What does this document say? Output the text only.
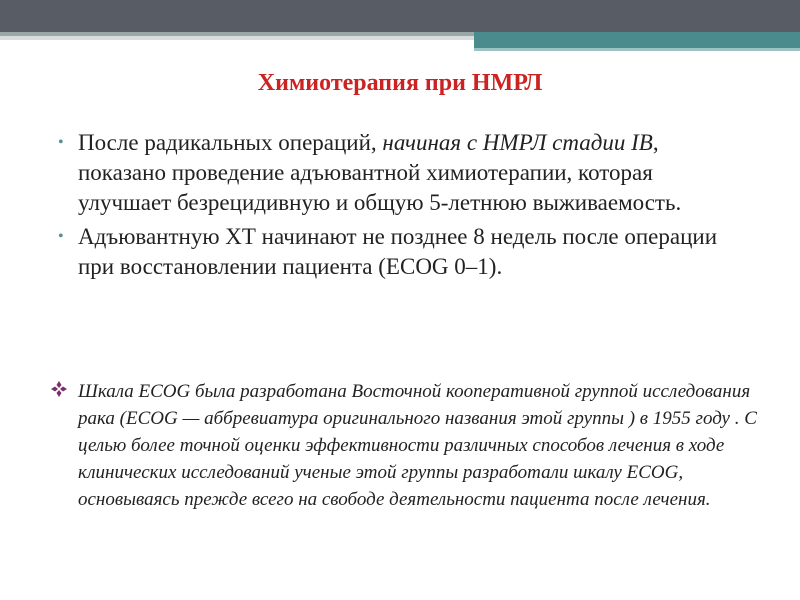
Химиотерапия при НМРЛ
• После радикальных операций, начиная с НМРЛ стадии IB, показано проведение адъювантной химиотерапии, которая улучшает безрецидивную и общую 5-летнюю выживаемость.
• Адъювантную ХТ начинают не позднее 8 недель после операции при восстановлении пациента (ECOG 0–1).
Шкала ECOG была разработана Восточной кооперативной группой исследования рака (ECOG — аббревиатура оригинального названия этой группы ) в 1955 году . С целью более точной оценки эффективности различных способов лечения в ходе клинических исследований ученые этой группы разработали шкалу ECOG, основываясь прежде всего на свободе деятельности пациента после лечения.
